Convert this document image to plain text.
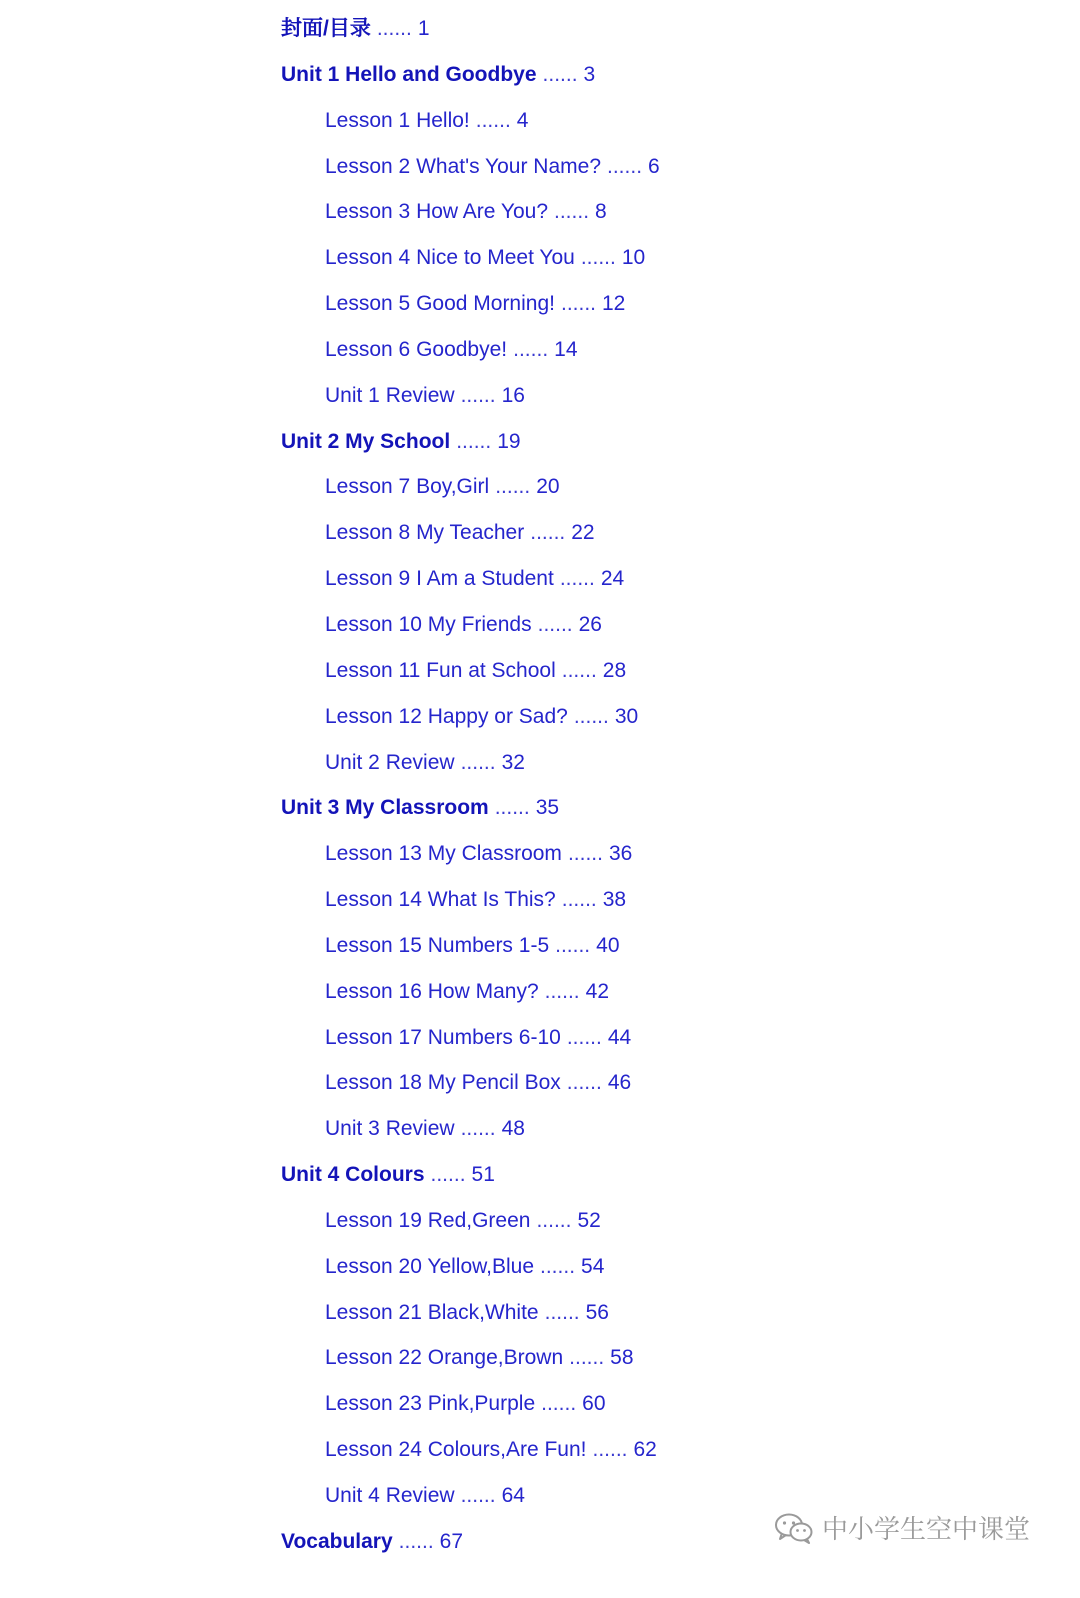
封面/目录 ...... 1
Unit 1 Hello and Goodbye ...... 3
Lesson 1 Hello! ...... 4
Lesson 2 What's Your Name? ...... 6
Lesson 3 How Are You? ...... 8
Lesson 4 Nice to Meet You ...... 10
Lesson 5 Good Morning! ...... 12
Lesson 6 Goodbye! ...... 14
Unit 1 Review ...... 16
Unit 2 My School ...... 19
Lesson 7 Boy,Girl ...... 20
Lesson 8 My Teacher ...... 22
Lesson 9 I Am a Student ...... 24
Lesson 10 My Friends ...... 26
Lesson 11 Fun at School ...... 28
Lesson 12 Happy or Sad? ...... 30
Unit 2 Review ...... 32
Unit 3 My Classroom ...... 35
Lesson 13 My Classroom ...... 36
Lesson 14 What Is This? ...... 38
Lesson 15 Numbers 1-5 ...... 40
Lesson 16 How Many? ...... 42
Lesson 17 Numbers 6-10 ...... 44
Lesson 18 My Pencil Box ...... 46
Unit 3 Review ...... 48
Unit 4 Colours ...... 51
Lesson 19 Red,Green ...... 52
Lesson 20 Yellow,Blue ...... 54
Lesson 21 Black,White ...... 56
Lesson 22 Orange,Brown ...... 58
Lesson 23 Pink,Purple ...... 60
Lesson 24 Colours,Are Fun! ...... 62
Unit 4 Review ...... 64
Vocabulary ...... 67	中小学生空中课堂
